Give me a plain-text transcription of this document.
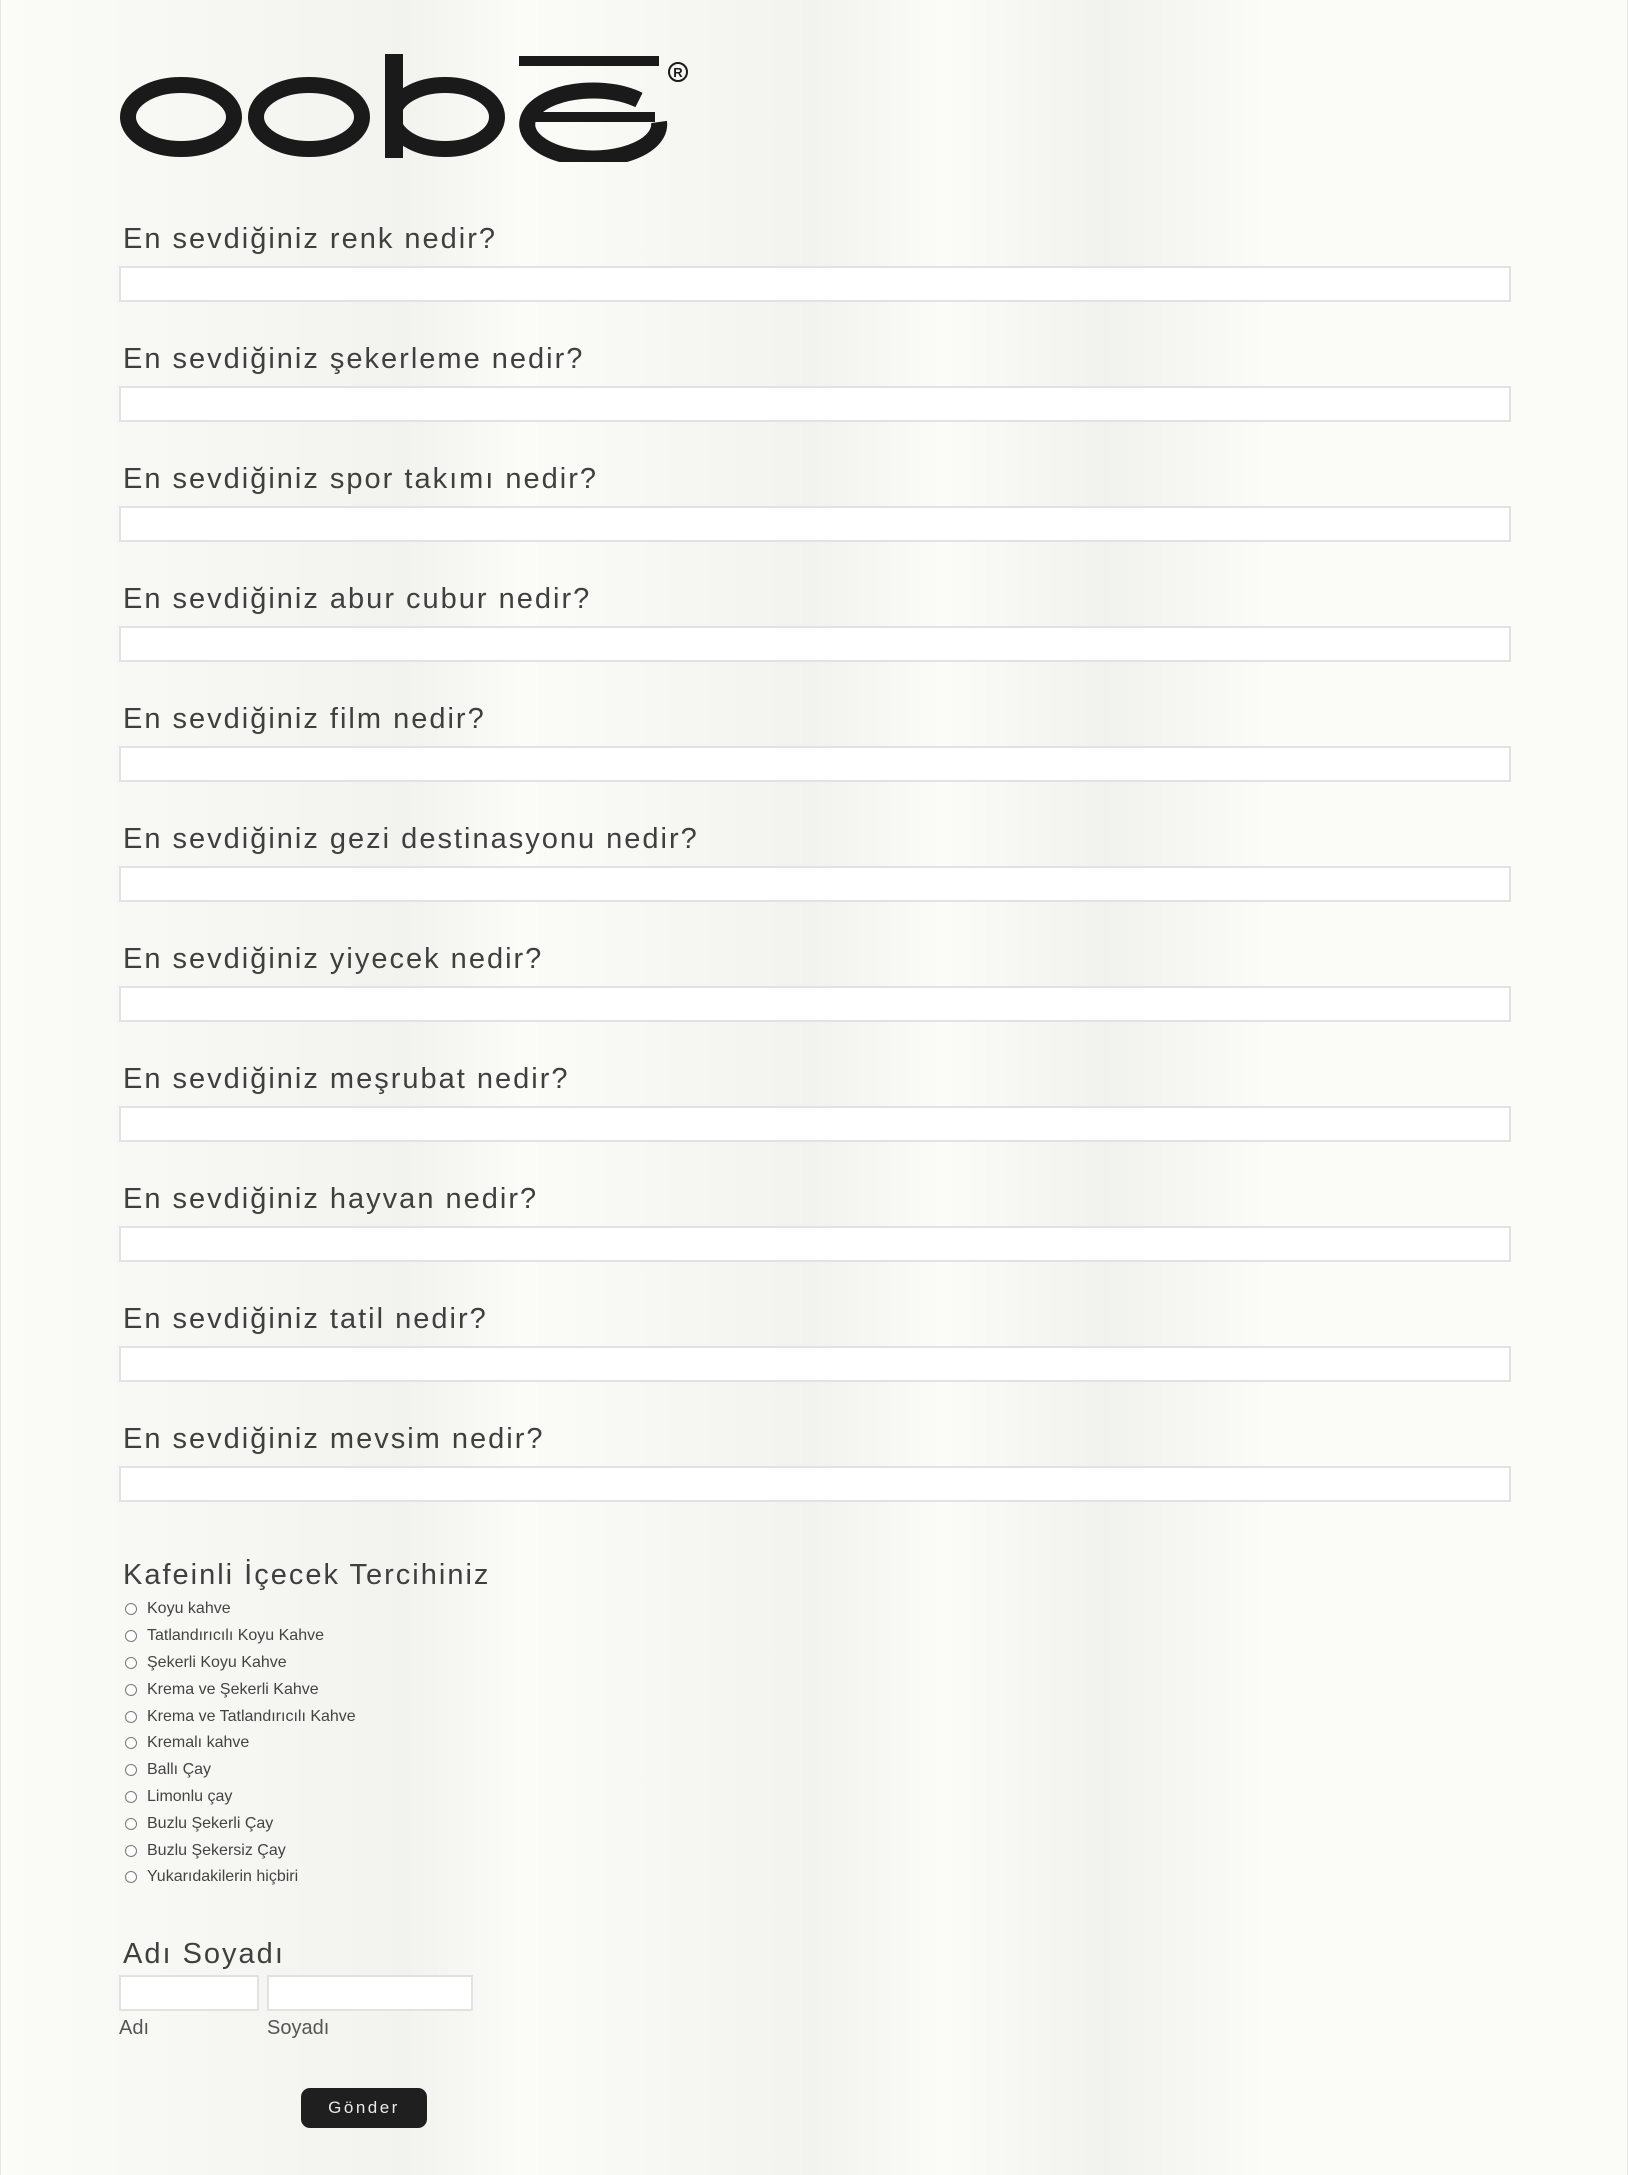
R
En sevdiğiniz renk nedir?
En sevdiğiniz şekerleme nedir?
En sevdiğiniz spor takımı nedir?
En sevdiğiniz abur cubur nedir?
En sevdiğiniz film nedir?
En sevdiğiniz gezi destinasyonu nedir?
En sevdiğiniz yiyecek nedir?
En sevdiğiniz meşrubat nedir?
En sevdiğiniz hayvan nedir?
En sevdiğiniz tatil nedir?
En sevdiğiniz mevsim nedir?
Kafeinli İçecek Tercihiniz
Koyu kahve
Tatlandırıcılı Koyu Kahve
Şekerli Koyu Kahve
Krema ve Şekerli Kahve
Krema ve Tatlandırıcılı Kahve
Kremalı kahve
Ballı Çay
Limonlu çay
Buzlu Şekerli Çay
Buzlu Şekersiz Çay
Yukarıdakilerin hiçbiri
Adı Soyadı
Adı	Soyadı
Gönder
